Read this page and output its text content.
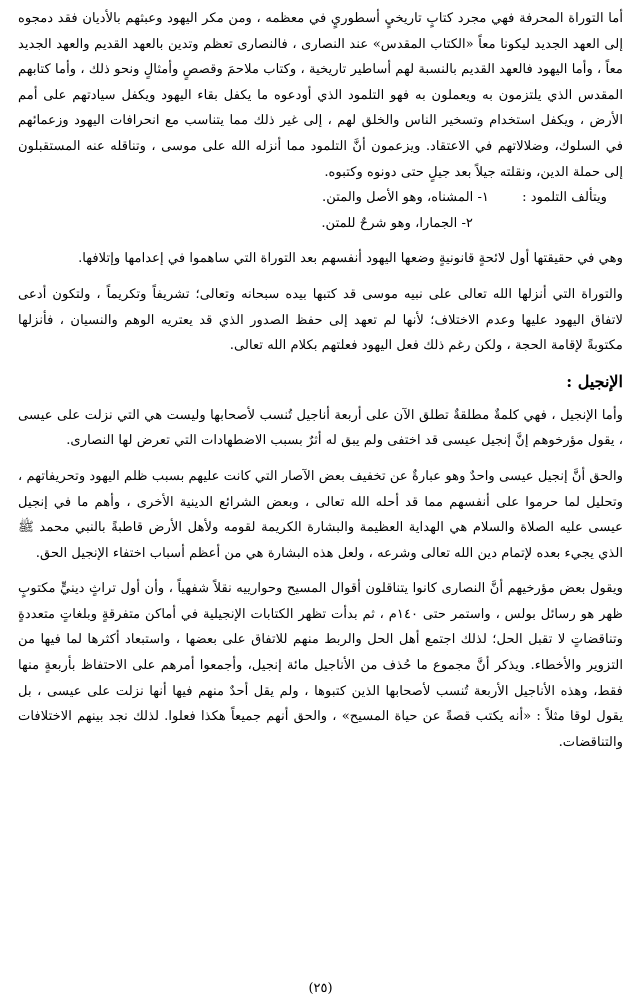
أما التوراة المحرفة فهي مجرد كتابٍ تاريخيٍ أسطوريٍ في معظمه ، ومن مكر اليهود وعبثهم بالأديان فقد دمجوه إلى العهد الجديد ليكونا معاً «الكتاب المقدس» عند النصارى ، فالنصارى تعظم وتدين بالعهد القديم والعهد الجديد معاً ، وأما اليهود فالعهد القديم بالنسبة لهم أساطير تاريخية ، وكتاب ملاحمَ وقصصٍ وأمثالٍ ونحو ذلك ، وأما كتابهم المقدس الذي يلتزمون به ويعملون به فهو التلمود الذي أودعوه ما يكفل بقاء اليهود ويكفل سيادتهم على أمم الأرض ، ويكفل استخدام وتسخير الناس والخلق لهم ، إلى غير ذلك مما يتناسب مع انحرافات اليهود وزعمائهم في السلوك، وضلالاتهم في الاعتقاد. ويزعمون أنَّ التلمود مما أنزله الله على موسى ، وتناقله عنه المستقبلون إلى حملة الدين، ونقلته جيلاً بعد جيلٍ حتى دونوه وكتبوه.

ويتألف التلمود :
١- المشناه، وهو الأصل والمتن.
٢- الجمارا، وهو شرحٌ للمتن.

وهي في حقيقتها أول لائحةٍ قانونيةٍ وضعها اليهود أنفسهم بعد التوراة التي ساهموا في إعدامها وإتلافها.

والتوراة التي أنزلها الله تعالى على نبيه موسى قد كتبها بيده سبحانه وتعالى؛ تشريفاً وتكريماً ، ولتكون أدعى لاتفاق اليهود عليها وعدم الاختلاف؛ لأنها لم تعهد إلى حفظ الصدور الذي قد يعتريه الوهم والنسيان ، فأنزلها مكتوبةً لإقامة الحجة ، ولكن رغم ذلك فعل اليهود فعلتهم بكلام الله تعالى.

الإنجيل :

وأما الإنجيل ، فهي كلمةٌ مطلقةٌ تطلق الآن على أربعة أناجيل تُنسب لأصحابها وليست هي التي نزلت على عيسى ، يقول مؤرخوهم إنَّ إنجيل عيسى قد اختفى ولم يبق له أثرٌ بسبب الاضطهادات التي تعرض لها النصارى.

والحق أنَّ إنجيل عيسى واحدٌ وهو عبارةٌ عن تخفيف بعض الآصار التي كانت عليهم بسبب ظلم اليهود وتحريفاتهم ، وتحليل لما حرموا على أنفسهم مما قد أحله الله تعالى ، وبعض الشرائع الدينية الأخرى ، وأهم ما في إنجيل عيسى عليه الصلاة والسلام هي الهداية العظيمة والبشارة الكريمة لقومه ولأهل الأرض قاطبةً بالنبي محمد ﷺ الذي يجيء بعده لإتمام دين الله تعالى وشرعه ، ولعل هذه البشارة هي من أعظم أسباب اختفاء الإنجيل الحق.

ويقول بعض مؤرخيهم أنَّ النصارى كانوا يتناقلون أقوال المسيح وحوارييه نقلاً شفهياً ، وأن أول تراثٍ دينيٍّ مكتوبٍ ظهر هو رسائل بولس ، واستمر حتى ١٤٠م ، ثم بدأت تظهر الكتابات الإنجيلية في أماكن متفرقةٍ وبلغاتٍ متعددةٍ وتناقضاتٍ لا تقبل الحل؛ لذلك اجتمع أهل الحل والربط منهم للاتفاق على بعضها ، واستبعاد أكثرها لما فيها من التزوير والأخطاء. ويذكر أنَّ مجموع ما حُذف من الأناجيل مائة إنجيل، وأجمعوا أمرهم على الاحتفاظ بأربعةٍ منها فقط، وهذه الأناجيل الأربعة تُنسب لأصحابها الذين كتبوها ، ولم يقل أحدٌ منهم فيها أنها نزلت على عيسى ، بل يقول لوقا مثلاً : «أنه يكتب قصةً عن حياة المسيح» ، والحق أنهم جميعاً هكذا فعلوا. لذلك نجد بينهم الاختلافات والتناقضات.

(٢٥)
